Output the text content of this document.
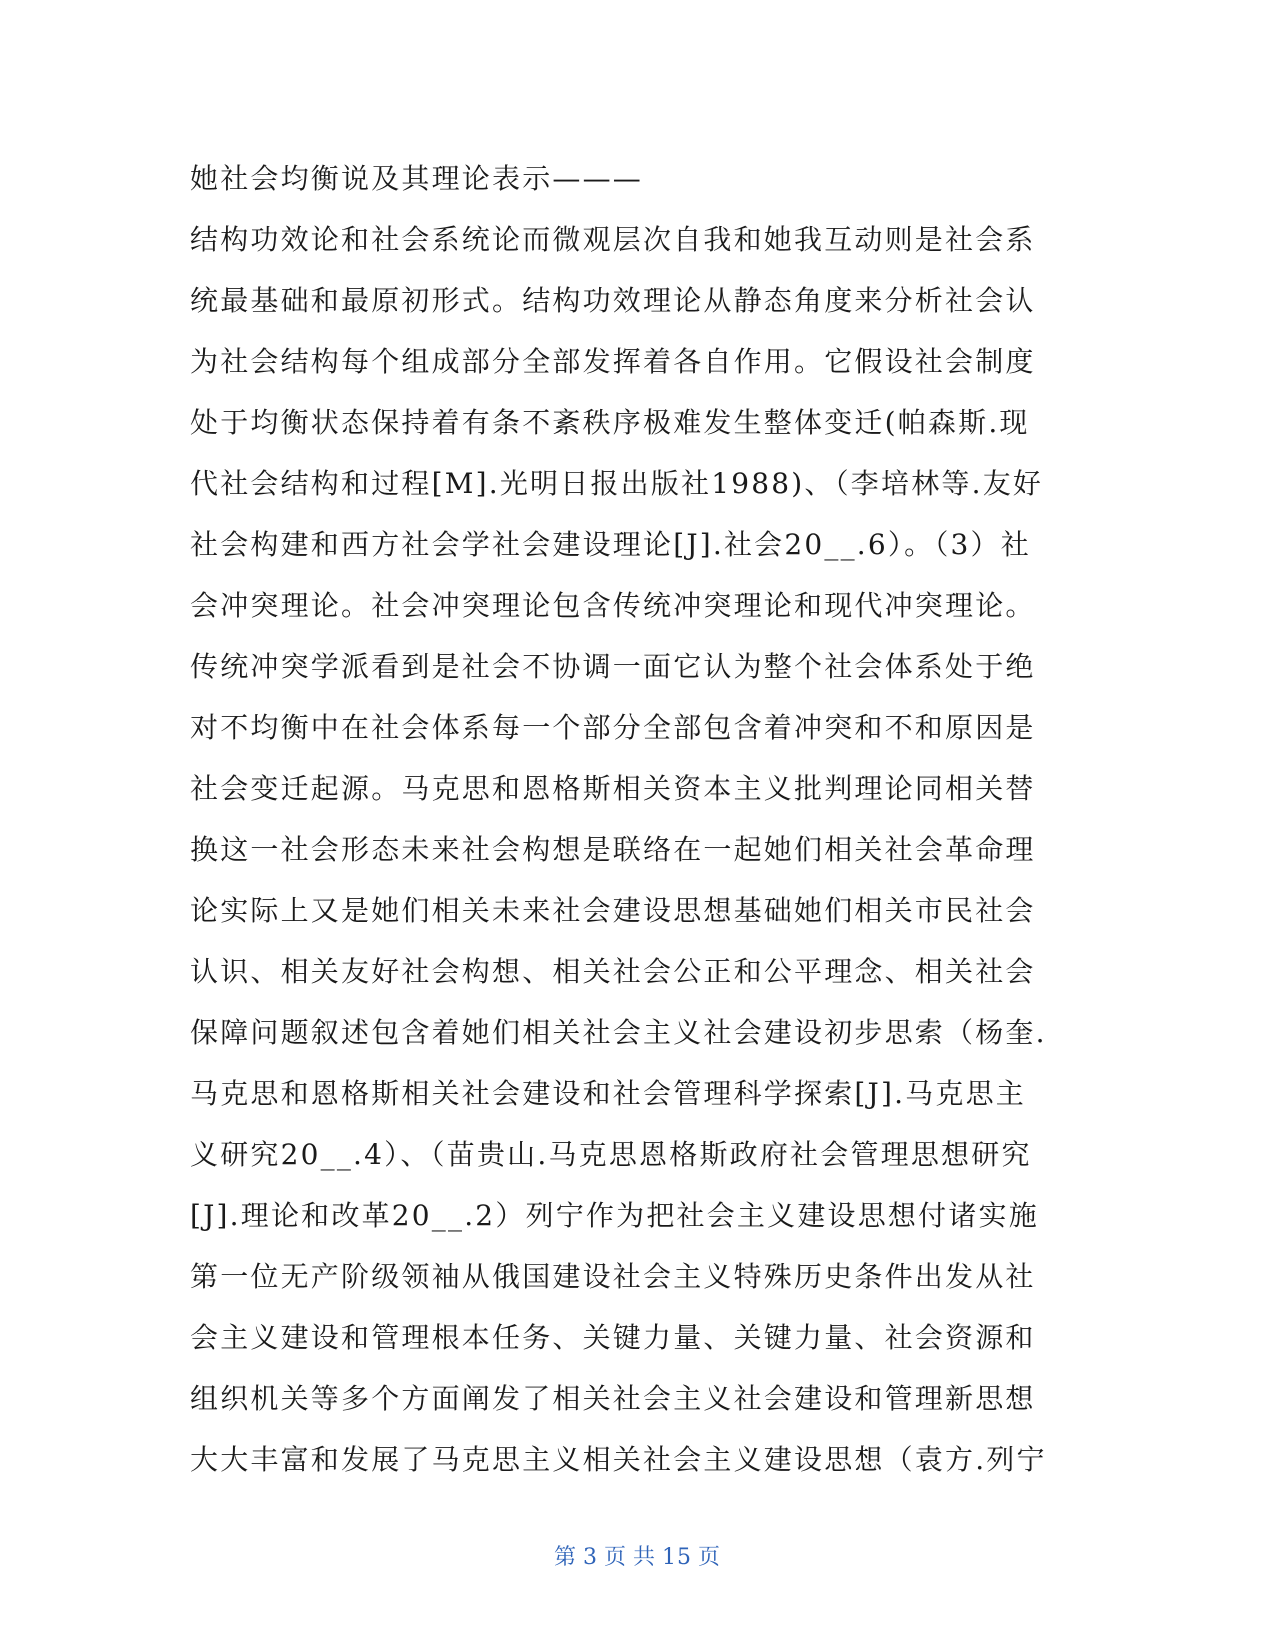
她社会均衡说及其理论表示———
结构功效论和社会系统论而微观层次自我和她我互动则是社会系
统最基础和最原初形式。结构功效理论从静态角度来分析社会认
为社会结构每个组成部分全部发挥着各自作用。它假设社会制度
处于均衡状态保持着有条不紊秩序极难发生整体变迁(帕森斯.现
代社会结构和过程[M].光明日报出版社1988)、（李培林等.友好
社会构建和西方社会学社会建设理论[J].社会20__.6）。（3）社
会冲突理论。社会冲突理论包含传统冲突理论和现代冲突理论。
传统冲突学派看到是社会不协调一面它认为整个社会体系处于绝
对不均衡中在社会体系每一个部分全部包含着冲突和不和原因是
社会变迁起源。马克思和恩格斯相关资本主义批判理论同相关替
换这一社会形态未来社会构想是联络在一起她们相关社会革命理
论实际上又是她们相关未来社会建设思想基础她们相关市民社会
认识、相关友好社会构想、相关社会公正和公平理念、相关社会
保障问题叙述包含着她们相关社会主义社会建设初步思索（杨奎.
马克思和恩格斯相关社会建设和社会管理科学探索[J].马克思主
义研究20__.4）、（苗贵山.马克思恩格斯政府社会管理思想研究
[J].理论和改革20__.2）列宁作为把社会主义建设思想付诸实施
第一位无产阶级领袖从俄国建设社会主义特殊历史条件出发从社
会主义建设和管理根本任务、关键力量、关键力量、社会资源和
组织机关等多个方面阐发了相关社会主义社会建设和管理新思想
大大丰富和发展了马克思主义相关社会主义建设思想（袁方.列宁
第 3 页 共 15 页
